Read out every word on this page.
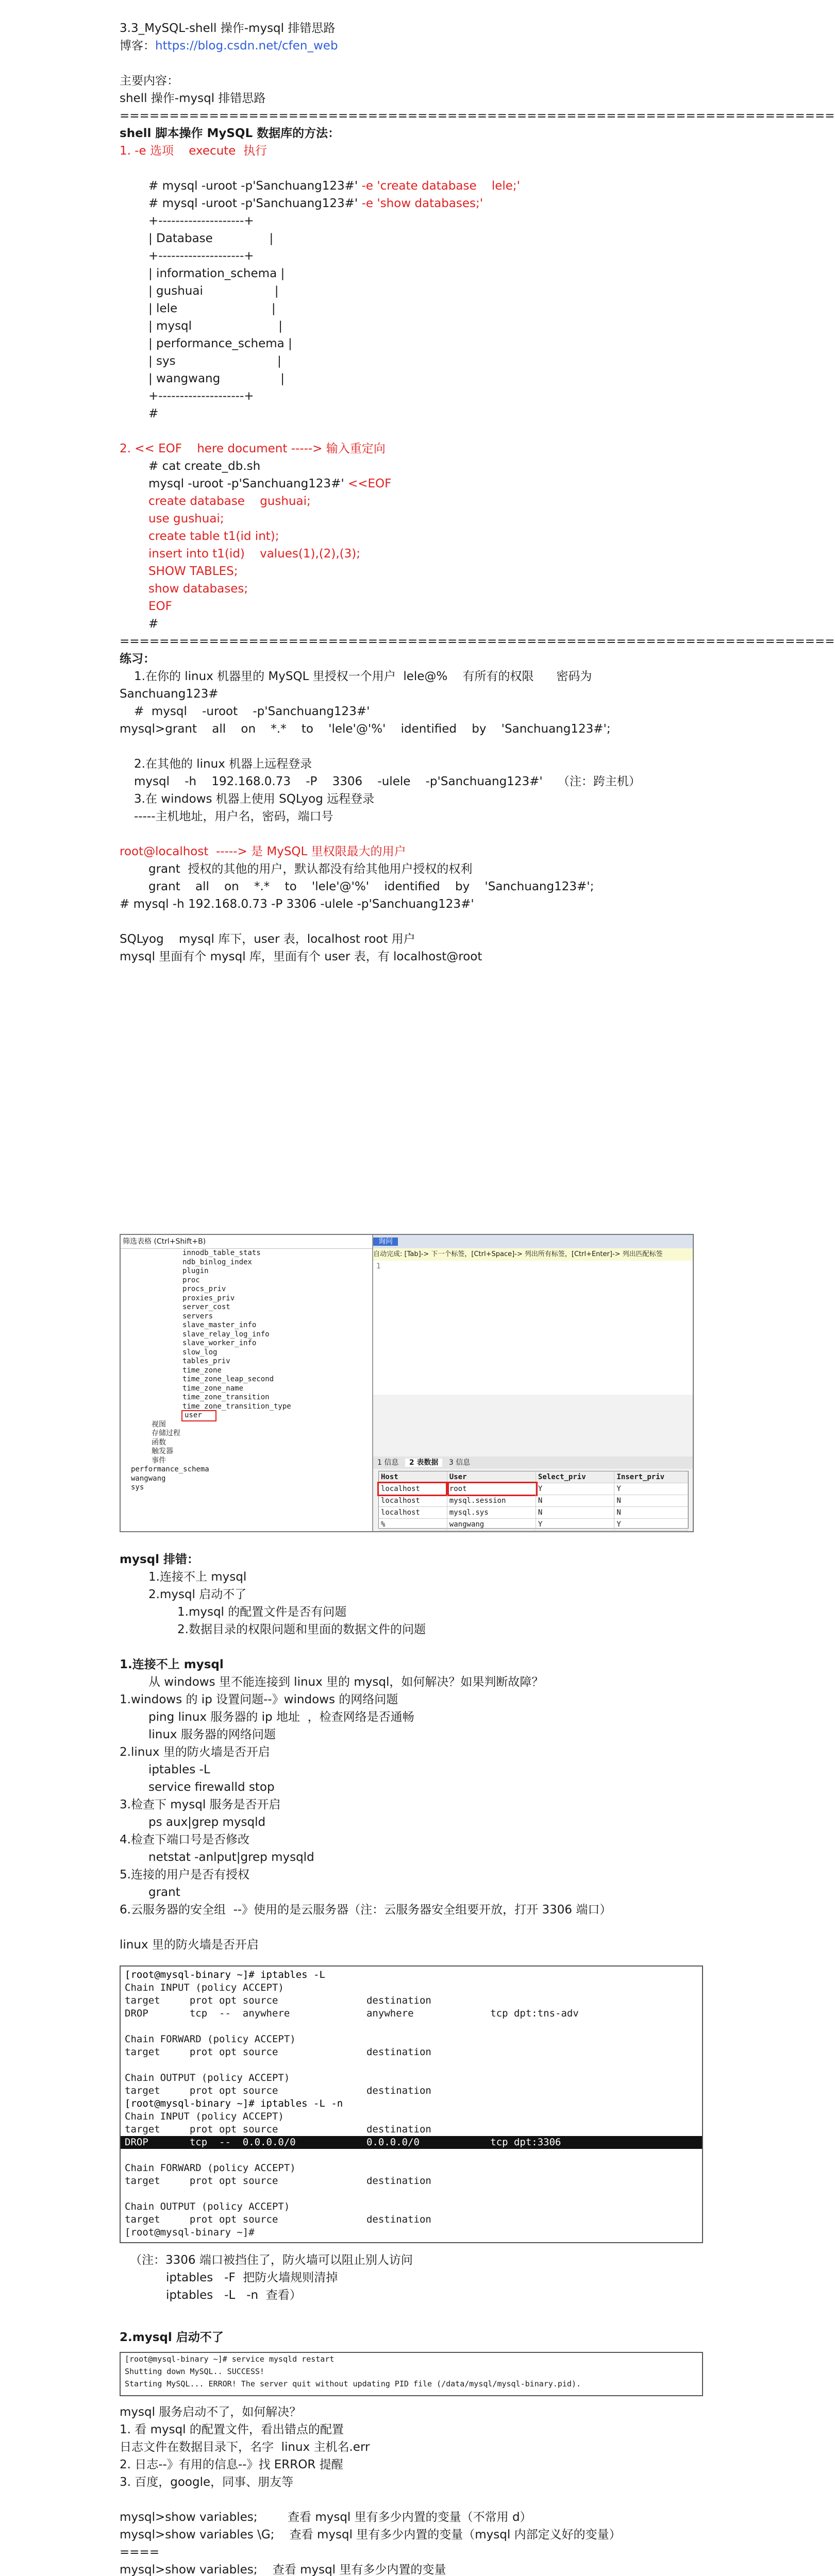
3.3_MySQL-shell 操作-mysql 排错思路
博客：https://blog.csdn.net/cfen_web
主要内容：
shell 操作-mysql 排错思路
========================================================================
shell 脚本操作 MySQL 数据库的方法：
1. -e 选项    execute  执行
# mysql -uroot -p'Sanchuang123#' -e 'create database    lele;'
# mysql -uroot -p'Sanchuang123#' -e 'show databases;'
+--------------------+
| Database               |
+--------------------+
| information_schema |
| gushuai                   |
| lele                         |
| mysql                       |
| performance_schema |
| sys                           |
| wangwang                |
+--------------------+
#
2. << EOF    here document -----> 输入重定向
# cat create_db.sh
mysql -uroot -p'Sanchuang123#' <<EOF
create database    gushuai;
use gushuai;
create table t1(id int);
insert into t1(id)    values(1),(2),(3);
SHOW TABLES;
show databases;
EOF
#
========================================================================
练习：
1.在你的 linux 机器里的 MySQL 里授权一个用户  lele@%    有所有的权限      密码为
Sanchuang123#
#  mysql    -uroot    -p'Sanchuang123#'
mysql>grant    all    on    *.*    to    'lele'@'%'    identified    by    'Sanchuang123#';
2.在其他的 linux 机器上远程登录
mysql    -h    192.168.0.73    -P    3306    -ulele    -p'Sanchuang123#'    （注：跨主机）
3.在 windows 机器上使用 SQLyog 远程登录
-----主机地址，用户名，密码，端口号
root@localhost  -----> 是 MySQL 里权限最大的用户
grant  授权的其他的用户，默认都没有给其他用户授权的权利
grant    all    on    *.*    to    'lele'@'%'    identified    by    'Sanchuang123#';
# mysql -h 192.168.0.73 -P 3306 -ulele -p'Sanchuang123#'
SQLyog    mysql 库下，user 表，localhost root 用户
mysql 里面有个 mysql 库，里面有个 user 表，有 localhost@root
筛选表格 (Ctrl+Shift+B)
innodb_table_stats
ndb_binlog_index
plugin
proc
procs_priv
proxies_priv
server_cost
servers
slave_master_info
slave_relay_log_info
slave_worker_info
slow_log
tables_priv
time_zone
time_zone_leap_second
time_zone_name
time_zone_transition
time_zone_transition_type
user
视图
存储过程
函数
触发器
事件
performance_schema
wangwang
sys
询问
自动完成: [Tab]-> 下一个标签，[Ctrl+Space]-> 列出所有标签，[Ctrl+Enter]-> 列出匹配标签
1
1 信息 2 表数据 3 信息
Host	User	Select_priv	Insert_priv
localhost	root	Y	Y
localhost	mysql.session	N	N
localhost	mysql.sys	N	N
%	wangwang	Y	Y
mysql 排错：
1.连接不上 mysql
2.mysql 启动不了
1.mysql 的配置文件是否有问题
2.数据目录的权限问题和里面的数据文件的问题
1.连接不上 mysql
从 windows 里不能连接到 linux 里的 mysql，如何解决？如果判断故障？
1.windows 的 ip 设置问题--》windows 的网络问题
ping linux 服务器的 ip 地址  ，检查网络是否通畅
linux 服务器的网络问题
2.linux 里的防火墙是否开启
iptables -L
service firewalld stop
3.检查下 mysql 服务是否开启
ps aux|grep mysqld
4.检查下端口号是否修改
netstat -anlput|grep mysqld
5.连接的用户是否有授权
grant
6.云服务器的安全组  --》使用的是云服务器（注：云服务器安全组要开放，打开 3306 端口）
linux 里的防火墙是否开启
[root@mysql-binary ~]# iptables -L
Chain INPUT (policy ACCEPT)
target     prot opt source               destination
DROP       tcp  --  anywhere             anywhere             tcp dpt:tns-adv
Chain FORWARD (policy ACCEPT)
target     prot opt source               destination
Chain OUTPUT (policy ACCEPT)
target     prot opt source               destination
[root@mysql-binary ~]# iptables -L -n
Chain INPUT (policy ACCEPT)
target     prot opt source               destination
DROP       tcp  --  0.0.0.0/0            0.0.0.0/0            tcp dpt:3306
Chain FORWARD (policy ACCEPT)
target     prot opt source               destination
Chain OUTPUT (policy ACCEPT)
target     prot opt source               destination
[root@mysql-binary ~]#
（注：3306 端口被挡住了，防火墙可以阻止别人访问
iptables   -F  把防火墙规则清掉
iptables   -L   -n  查看）
2.mysql 启动不了
[root@mysql-binary ~]# service mysqld restart
Shutting down MySQL.. SUCCESS!
Starting MySQL... ERROR! The server quit without updating PID file (/data/mysql/mysql-binary.pid).
mysql 服务启动不了，如何解决？
1. 看 mysql 的配置文件，看出错点的配置
日志文件在数据目录下，名字  linux 主机名.err
2. 日志--》有用的信息--》找 ERROR 提醒
3. 百度，google，同事、朋友等
mysql>show variables;        查看 mysql 里有多少内置的变量（不常用 d）
mysql>show variables \G;    查看 mysql 里有多少内置的变量（mysql 内部定义好的变量）
====
mysql>show variables;    查看 mysql 里有多少内置的变量
